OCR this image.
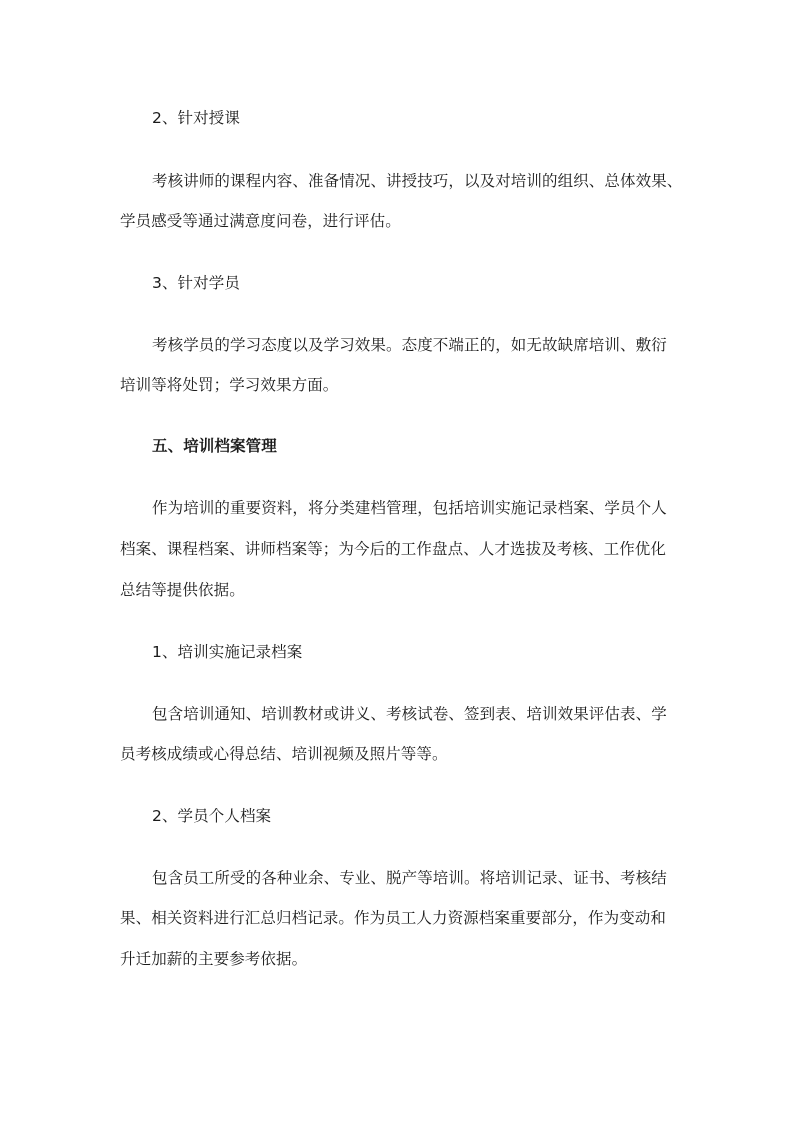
2、针对授课
考核讲师的课程内容、准备情况、讲授技巧，以及对培训的组织、总体效果、
学员感受等通过满意度问卷，进行评估。
3、针对学员
考核学员的学习态度以及学习效果。态度不端正的，如无故缺席培训、敷衍
培训等将处罚；学习效果方面。
五、培训档案管理
作为培训的重要资料，将分类建档管理，包括培训实施记录档案、学员个人
档案、课程档案、讲师档案等；为今后的工作盘点、人才选拔及考核、工作优化
总结等提供依据。
1、培训实施记录档案
包含培训通知、培训教材或讲义、考核试卷、签到表、培训效果评估表、学
员考核成绩或心得总结、培训视频及照片等等。
2、学员个人档案
包含员工所受的各种业余、专业、脱产等培训。将培训记录、证书、考核结
果、相关资料进行汇总归档记录。作为员工人力资源档案重要部分，作为变动和
升迁加薪的主要参考依据。
